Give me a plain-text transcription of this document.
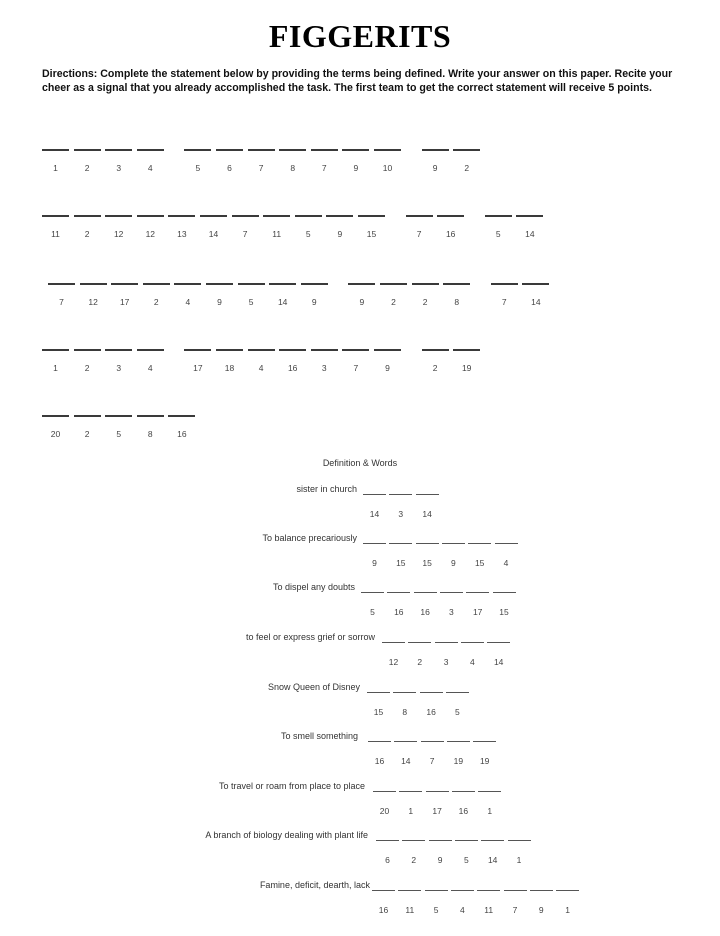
FIGGERITS
Directions: Complete the statement below by providing the terms being defined. Write your answer on this paper. Recite your cheer as a signal that you already accomplished the task. The first team to get the correct statement will receive 5 points.
1	2	3	4	5	6	7	8	7	9	10	9	2
11	2	12	12	13	14	7	11	5	9	15	7	16	5	14
7	12	17	2	4	9	5	14	9	9	2	2	8	7	14
1	2	3	4	17	18	4	16	3	7	9	2	19
20	2	5	8	16
Definition & Words
sister in church
14	3	14
To balance precariously
9	15	15	9	15	4
To dispel any doubts
5	16	16	3	17	15
to feel or express grief or sorrow
12	2	3	4	14
Snow Queen of Disney
15	8	16	5
To smell something
16	14	7	19	19
To travel or roam from place to place
20	1	17	16	1
A branch of biology dealing with plant life
6	2	9	5	14	1
Famine, deficit, dearth, lack
16	11	5	4	11	7	9	1
